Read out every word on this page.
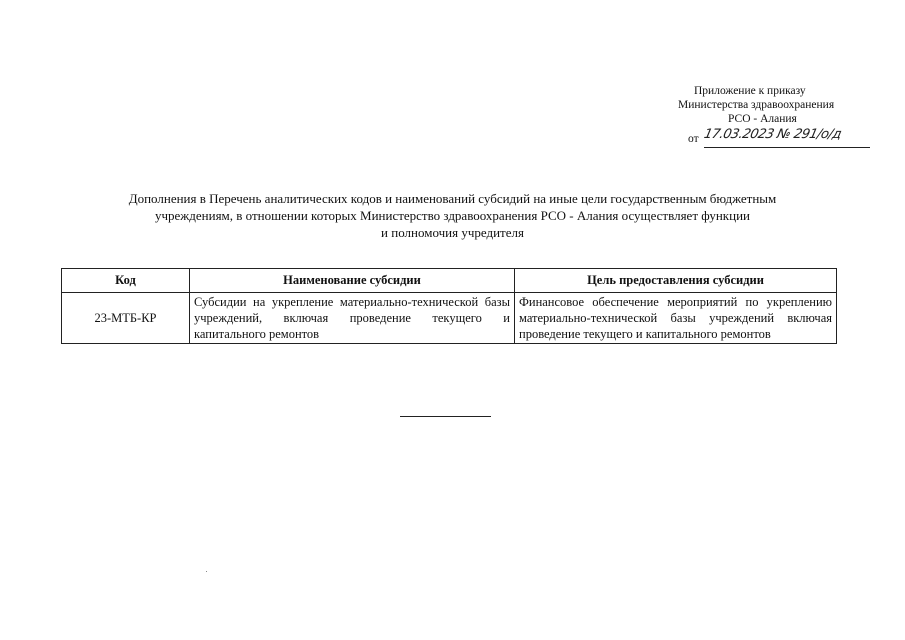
Приложение к приказу
Министерства здравоохранения
РСО - Алания
от 17.03.2023 № 291/о/д
Дополнения в Перечень аналитических кодов и наименований субсидий на иные цели государственным бюджетным
учреждениям, в отношении которых Министерство здравоохранения РСО - Алания осуществляет функции
и полномочия учредителя
Код	Наименование субсидии	Цель предоставления субсидии
23-МТБ-КР	Субсидии на укрепление материально-технической базы учреждений, включая проведение текущего и капитального ремонтов	Финансовое обеспечение мероприятий по укреплению материально-технической базы учреждений включая проведение текущего и капитального ремонтов
